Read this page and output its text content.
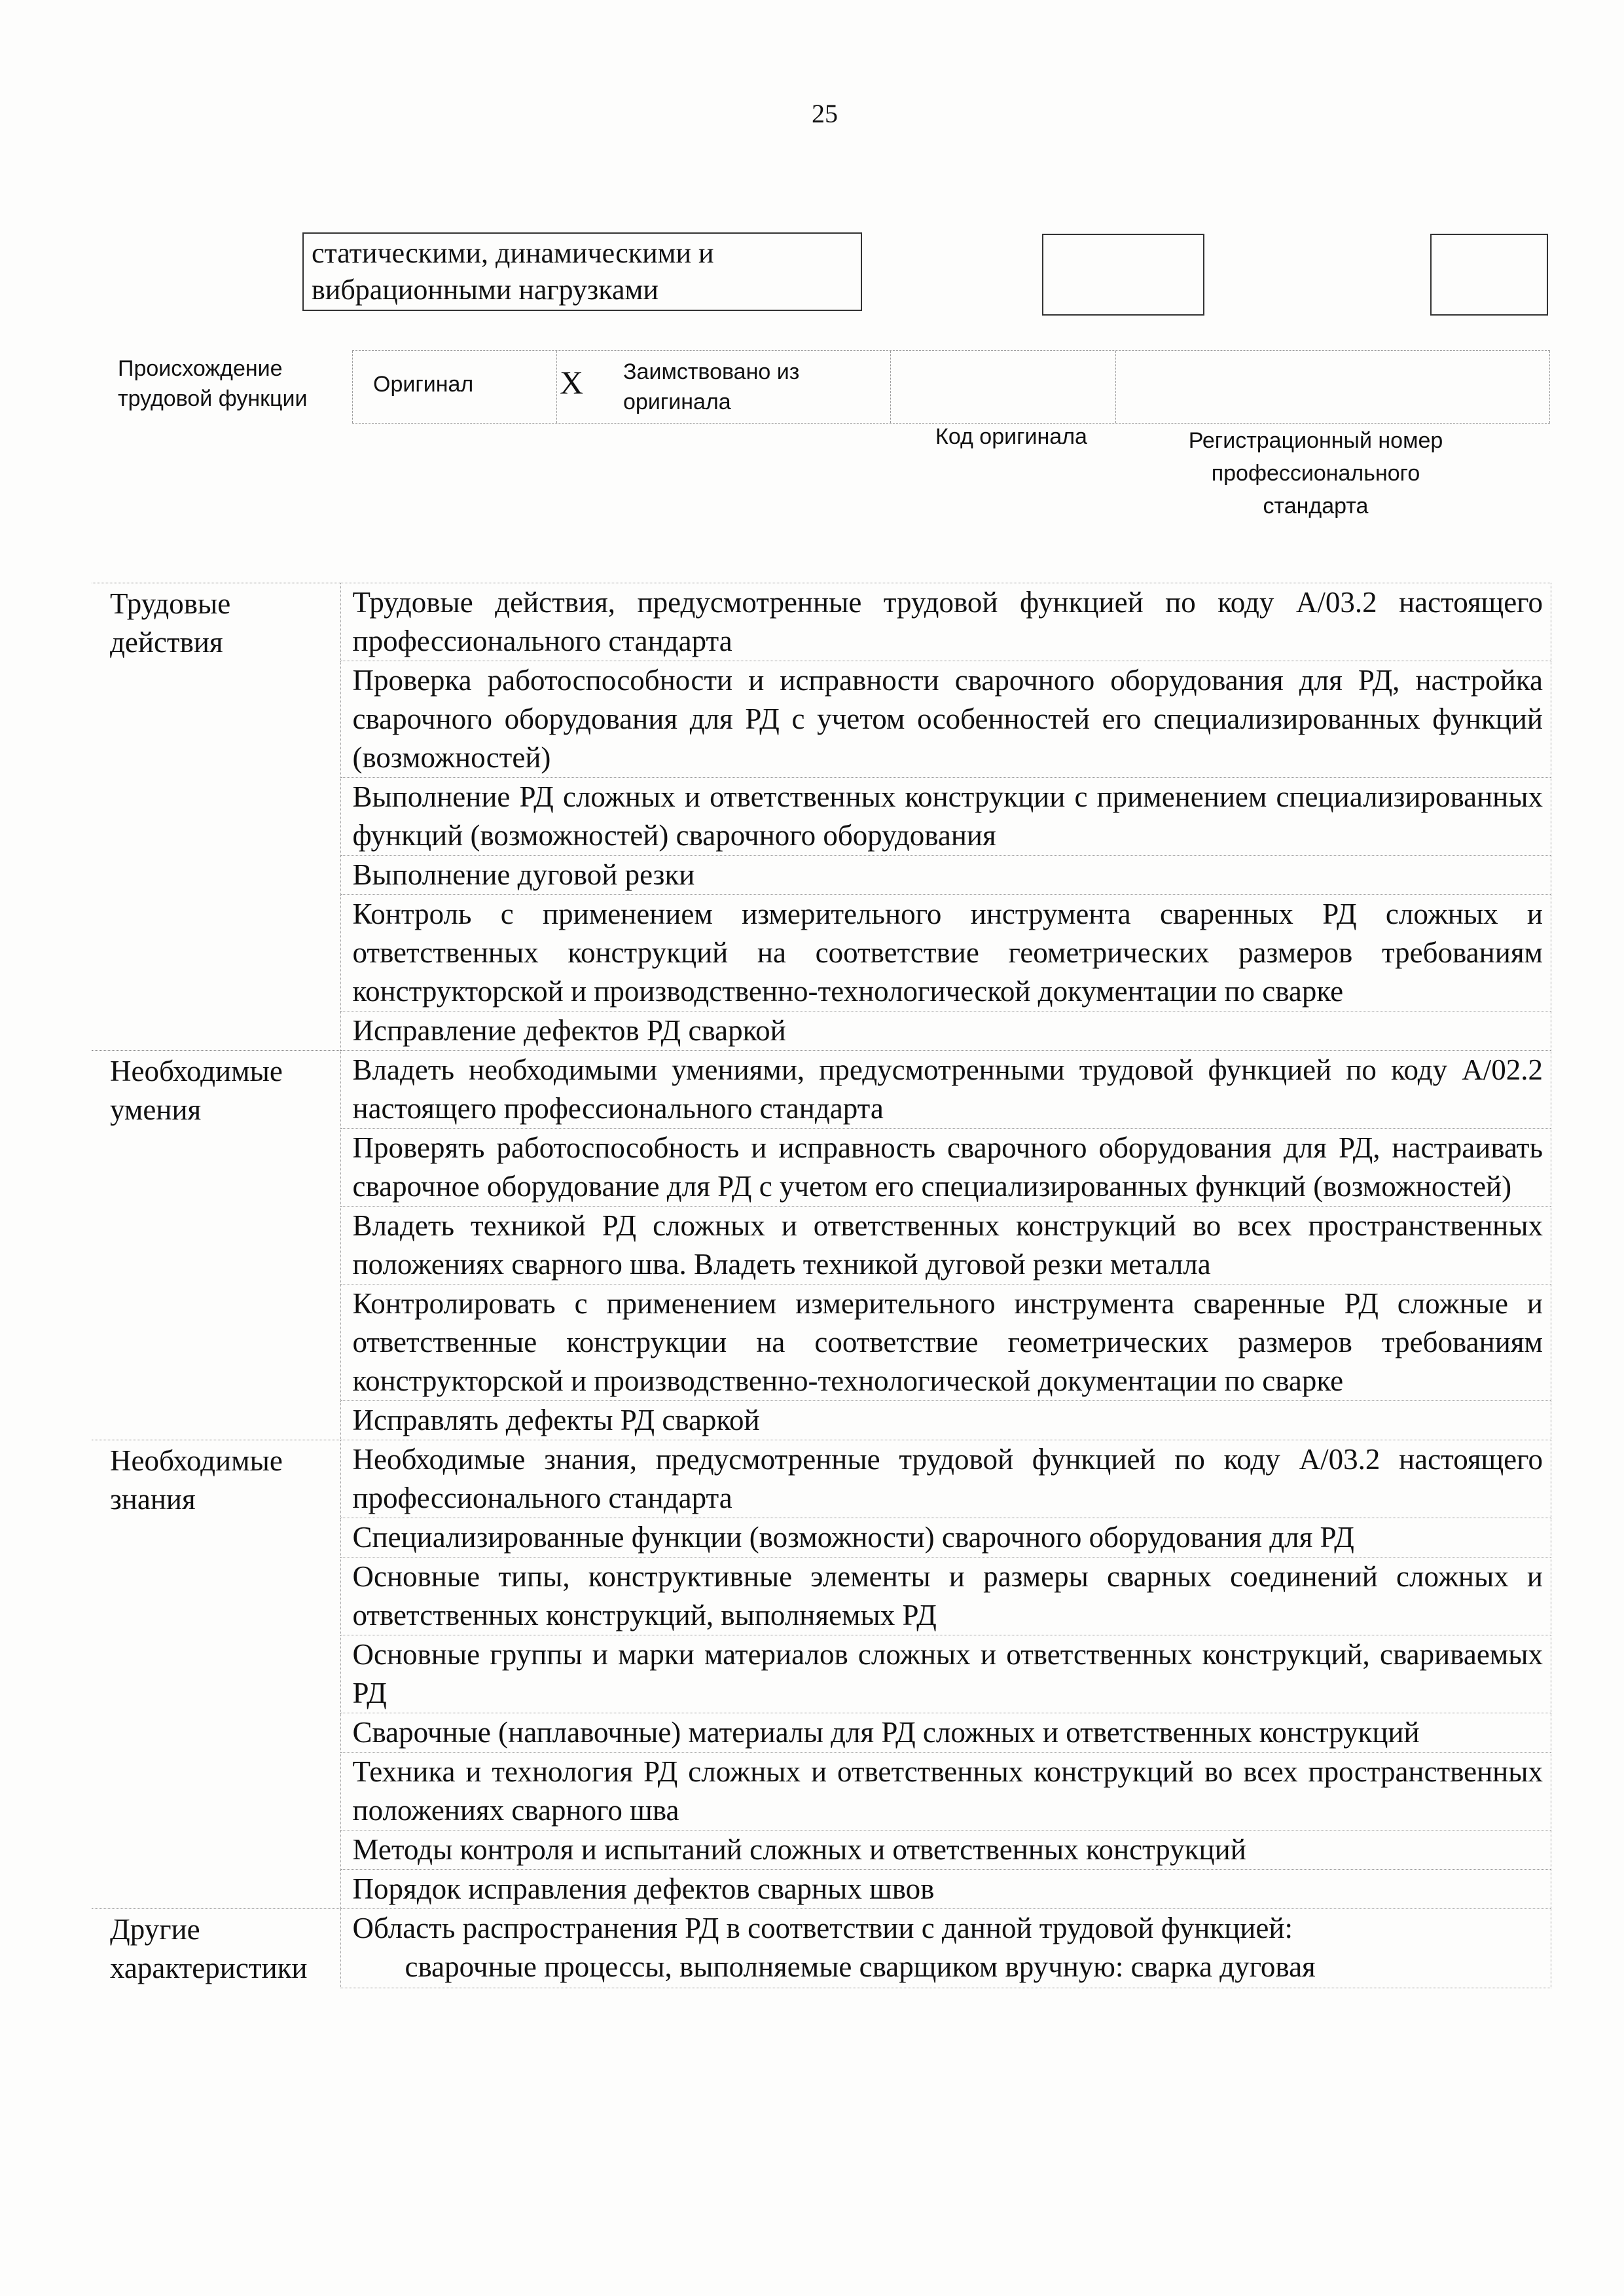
25
статическими, динамическими и вибрационными нагрузками
Происхождение трудовой функции
Оригинал	X Заимствовано из оригинала
Код оригинала	Регистрационный номер профессионального стандарта
Трудовые действия	Трудовые действия, предусмотренные трудовой функцией по коду А/03.2 настоящего профессионального стандарта
	Проверка работоспособности и исправности сварочного оборудования для РД, настройка сварочного оборудования для РД с учетом особенностей его специализированных функций (возможностей)
	Выполнение РД сложных и ответственных конструкции с применением специализированных функций (возможностей) сварочного оборудования
	Выполнение дуговой резки
	Контроль с применением измерительного инструмента сваренных РД сложных и ответственных конструкций на соответствие геометрических размеров требованиям конструкторской и производственно-технологической документации по сварке
	Исправление дефектов РД сваркой
Необходимые умения	Владеть необходимыми умениями, предусмотренными трудовой функцией по коду А/02.2 настоящего профессионального стандарта
	Проверять работоспособность и исправность сварочного оборудования для РД, настраивать сварочное оборудование для РД с учетом его специализированных функций (возможностей)
	Владеть техникой РД сложных и ответственных конструкций во всех пространственных положениях сварного шва. Владеть техникой дуговой резки металла
	Контролировать с применением измерительного инструмента сваренные РД сложные и ответственные конструкции на соответствие геометрических размеров требованиям конструкторской и производственно-технологической документации по сварке
	Исправлять дефекты РД сваркой
Необходимые знания	Необходимые знания, предусмотренные трудовой функцией по коду А/03.2 настоящего профессионального стандарта
	Специализированные функции (возможности) сварочного оборудования для РД
	Основные типы, конструктивные элементы и размеры сварных соединений сложных и ответственных конструкций, выполняемых РД
	Основные группы и марки материалов сложных и ответственных конструкций, свариваемых РД
	Сварочные (наплавочные) материалы для РД сложных и ответственных конструкций
	Техника и технология РД сложных и ответственных конструкций во всех пространственных положениях сварного шва
	Методы контроля и испытаний сложных и ответственных конструкций
	Порядок исправления дефектов сварных швов
Другие характеристики	Область распространения РД в соответствии с данной трудовой функцией:
сварочные процессы, выполняемые сварщиком вручную: сварка дуговая
